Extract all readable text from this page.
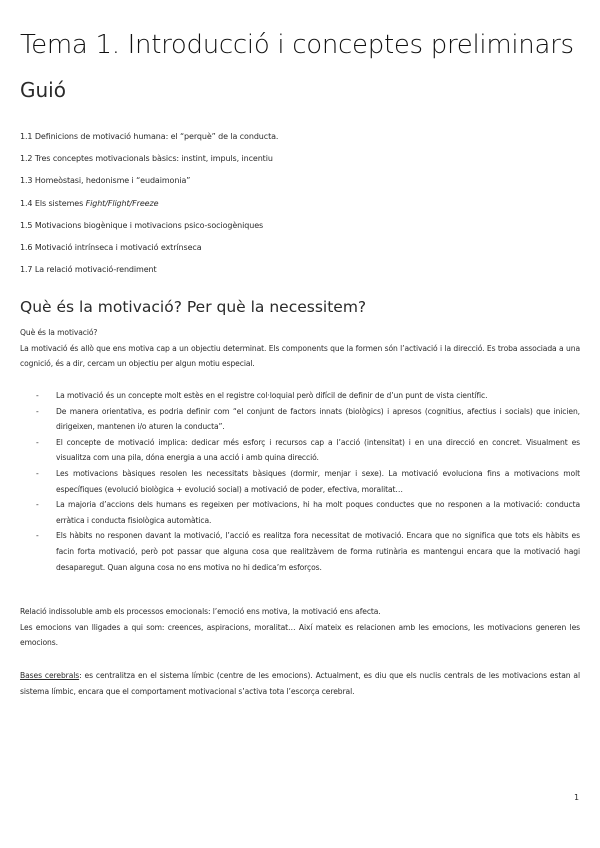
Tema 1. Introducció i conceptes preliminars
Guió
1.1 Definicions de motivació humana: el “perquè” de la conducta.
1.2 Tres conceptes motivacionals bàsics: instint, impuls, incentiu
1.3 Homeòstasi, hedonisme i “eudaimonia”
1.4 Els sistemes Fight/Flight/Freeze
1.5 Motivacions biogènique i motivacions psico-sociogèniques
1.6 Motivació intrínseca i motivació extrínseca
1.7 La relació motivació-rendiment
Què és la motivació? Per què la necessitem?

Què és la motivació?

La motivació és allò que ens motiva cap a un objectiu determinat. Els components que la formen són l’activació i la direcció. Es troba associada a una cognició, és a dir, cercam un objectiu per algun motiu especial.

- La motivació és un concepte molt estès en el registre col·loquial però difícil de definir de d’un punt de vista científic.
- De manera orientativa, es podria definir com “el conjunt de factors innats (biològics) i apresos (cognitius, afectius i socials) que inicien, dirigeixen, mantenen i/o aturen la conducta”.
- El concepte de motivació implica: dedicar més esforç i recursos cap a l’acció (intensitat) i en una direcció en concret. Visualment es visualitza com una pila, dóna energia a una acció i amb quina direcció.
- Les motivacions bàsiques resolen les necessitats bàsiques (dormir, menjar i sexe). La motivació evoluciona fins a motivacions molt específiques (evolució biològica + evolució social) a motivació de poder, efectiva, moralitat…
- La majoria d’accions dels humans es regeixen per motivacions, hi ha molt poques conductes que no responen a la motivació: conducta erràtica i conducta fisiològica automàtica.
- Els hàbits no responen davant la motivació, l’acció es realitza fora necessitat de motivació. Encara que no significa que tots els hàbits es facin forta motivació, però pot passar que alguna cosa que realitzàvem de forma rutinària es mantengui encara que la motivació hagi desaparegut. Quan alguna cosa no ens motiva no hi dedica’m esforços.

Relació indissoluble amb els processos emocionals: l’emoció ens motiva, la motivació ens afecta.

Les emocions van lligades a qui som: creences, aspiracions, moralitat… Així mateix es relacionen amb les emocions, les motivacions generen les emocions.

Bases cerebrals: es centralitza en el sistema límbic (centre de les emocions). Actualment, es diu que els nuclis centrals de les motivacions estan al sistema límbic, encara que el comportament motivacional s’activa tota l’escorça cerebral.

1
